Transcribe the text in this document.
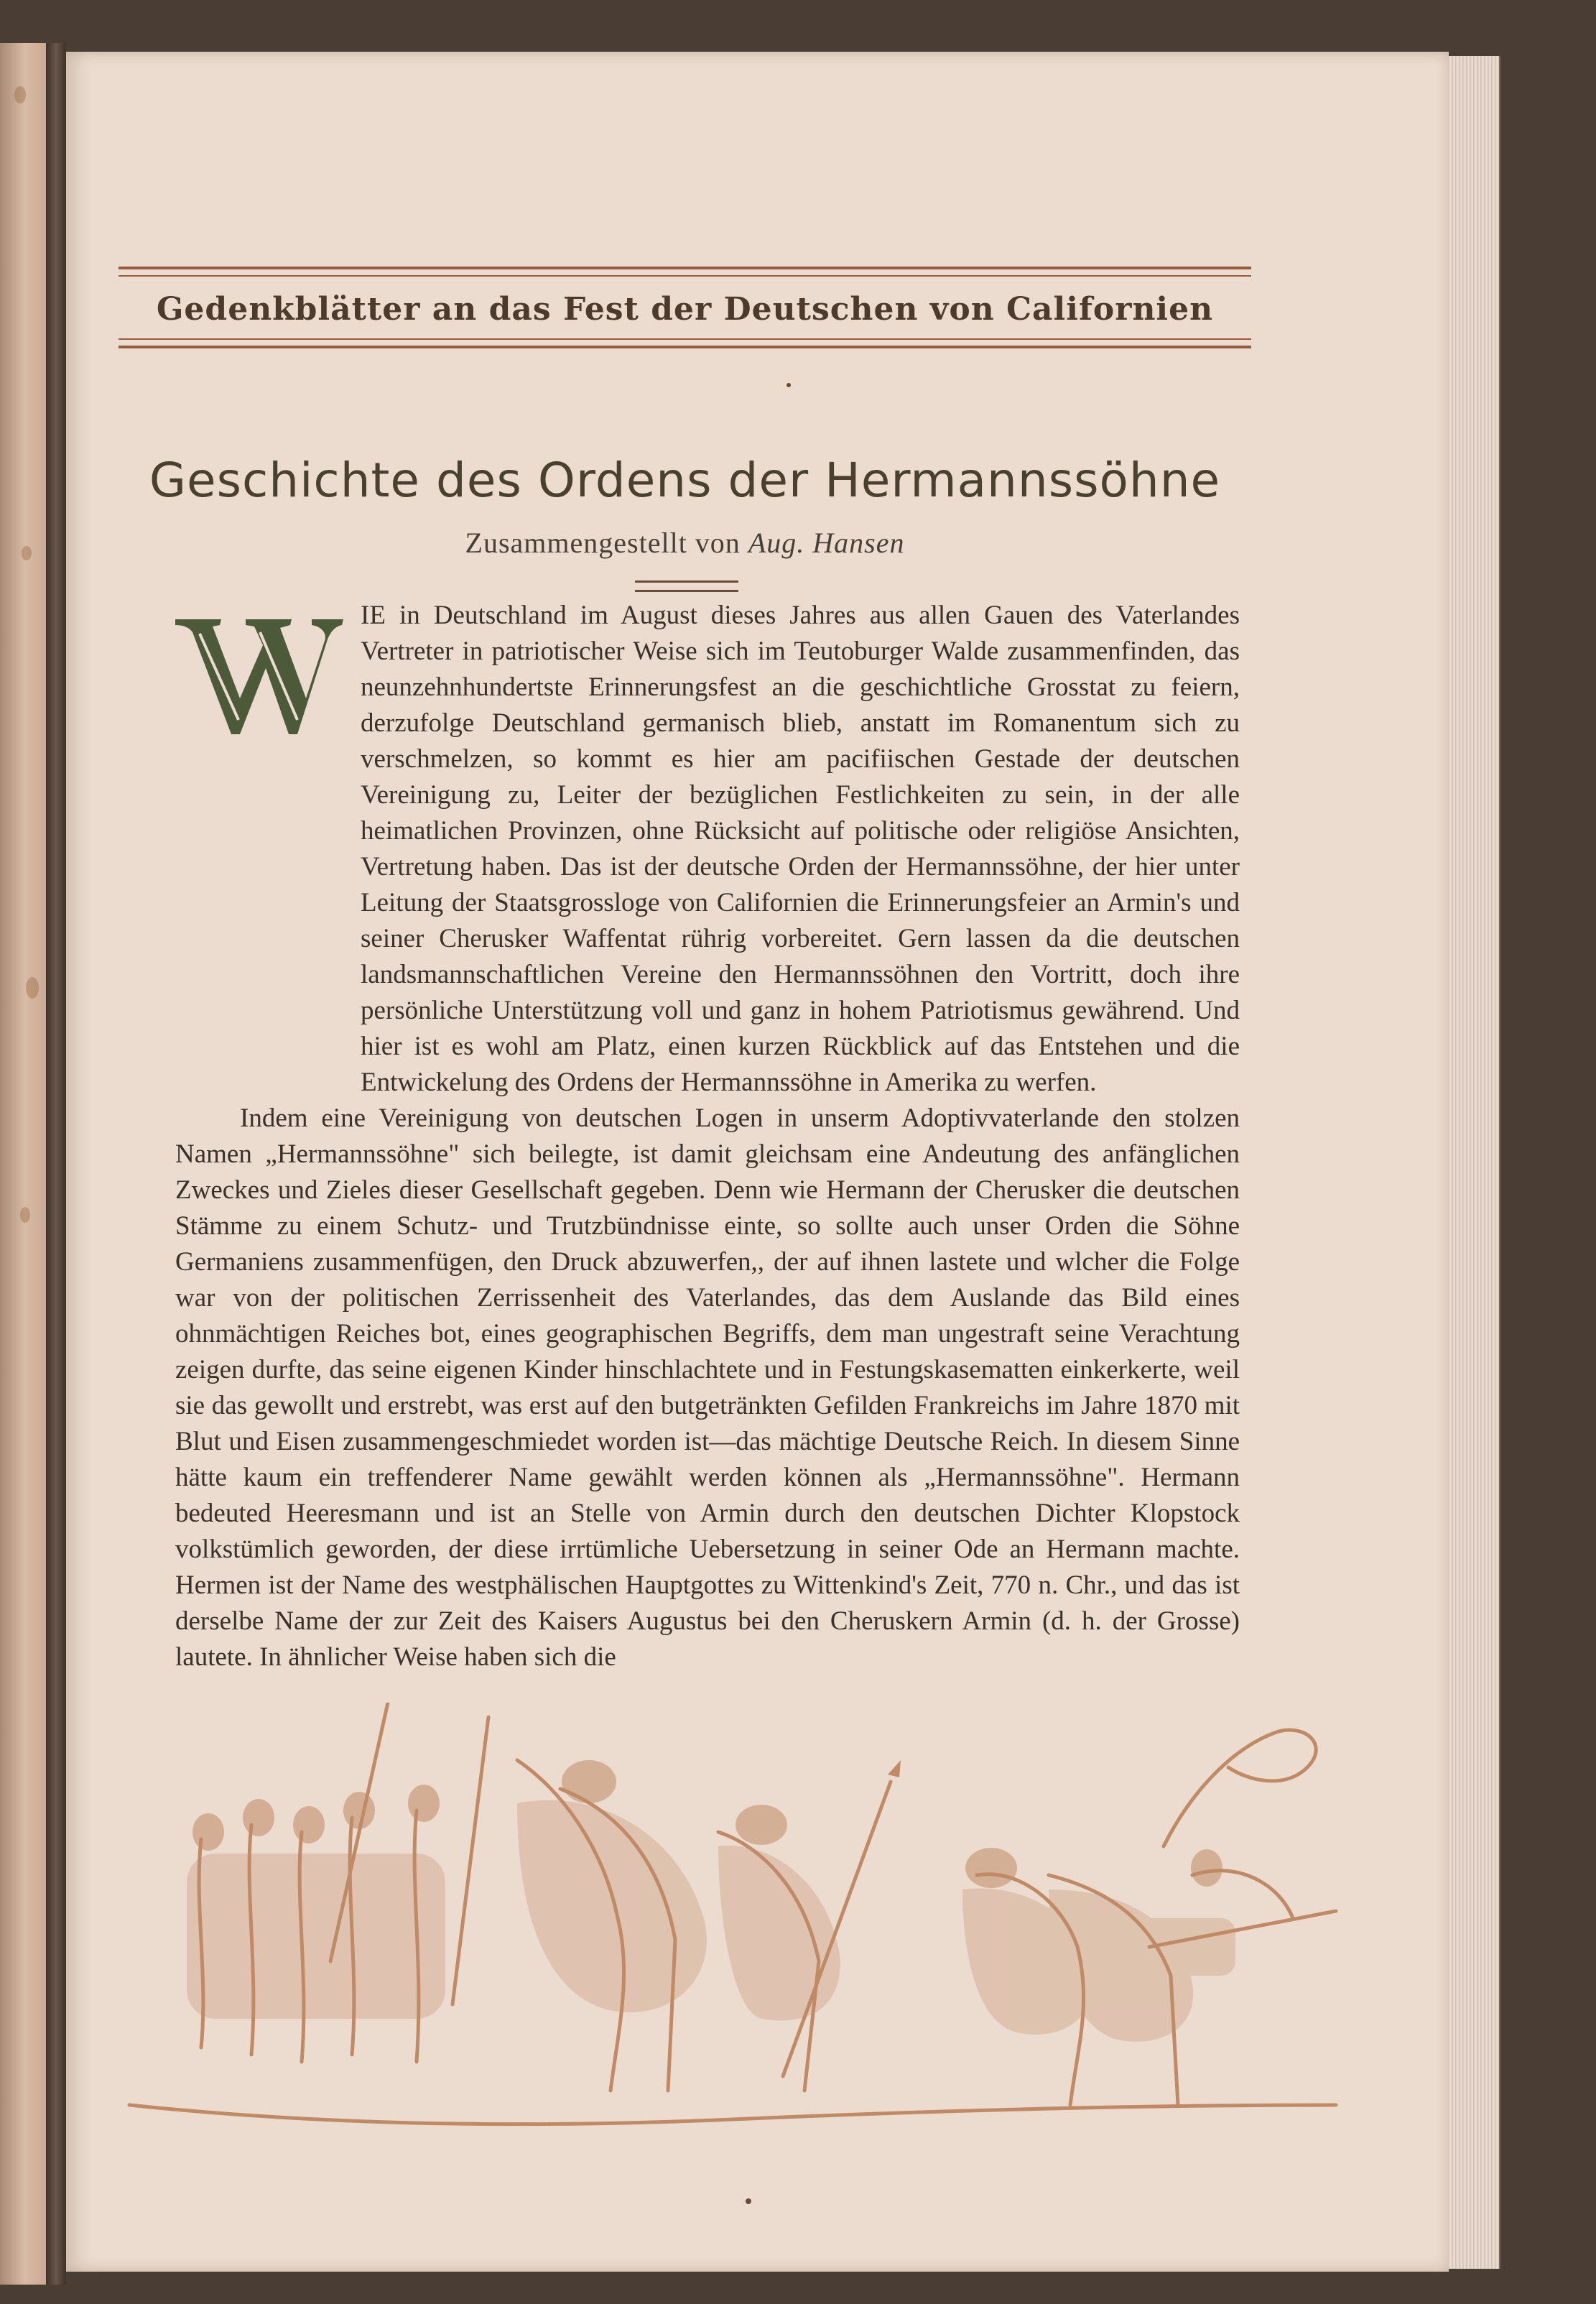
Gedenkblätter an das Fest der Deutschen von Californien
Geschichte des Ordens der Hermannssöhne
Zusammengestellt von Aug. Hansen

IE in Deutschland im August dieses Jahres aus allen Gauen des Vaterlandes Vertreter in patriotischer Weise sich im Teutoburger Walde zusammenfinden, das neunzehnhundertste Erinnerungsfest an die geschichtliche Grosstat zu feiern, derzufolge Deutschland germanisch blieb, anstatt im Romanentum sich zu verschmelzen, so kommt es hier am pacifiischen Gestade der deutschen Vereinigung zu, Leiter der bezüglichen Festlichkeiten zu sein, in der alle heimatlichen Provinzen, ohne Rücksicht auf politische oder religiöse Ansichten, Vertretung haben. Das ist der deutsche Orden der Hermannssöhne, der hier unter Leitung der Staatsgrossloge von Californien die Erinnerungsfeier an Armin's und seiner Cherusker Waffentat rührig vorbereitet. Gern lassen da die deutschen landsmannschaftlichen Vereine den Hermannssöhnen den Vortritt, doch ihre persönliche Unterstützung voll und ganz in hohem Patriotismus gewährend. Und hier ist es wohl am Platz, einen kurzen Rückblick auf das Entstehen und die Entwickelung des Ordens der Hermannssöhne in Amerika zu werfen.

Indem eine Vereinigung von deutschen Logen in unserm Adoptivvaterlande den stolzen Namen „Hermannssöhne" sich beilegte, ist damit gleichsam eine Andeutung des anfänglichen Zweckes und Zieles dieser Gesellschaft gegeben. Denn wie Hermann der Cherusker die deutschen Stämme zu einem Schutz- und Trutzbündnisse einte, so sollte auch unser Orden die Söhne Germaniens zusammenfügen, den Druck abzuwerfen,, der auf ihnen lastete und wlcher die Folge war von der politischen Zerrissenheit des Vaterlandes, das dem Auslande das Bild eines ohnmächtigen Reiches bot, eines geographischen Begriffs, dem man ungestraft seine Verachtung zeigen durfte, das seine eigenen Kinder hinschlachtete und in Festungskasematten einkerkerte, weil sie das gewollt und erstrebt, was erst auf den butgetränkten Gefilden Frankreichs im Jahre 1870 mit Blut und Eisen zusammengeschmiedet worden ist—das mächtige Deutsche Reich. In diesem Sinne hätte kaum ein treffenderer Name gewählt werden können als „Hermannssöhne". Hermann bedeuted Heeresmann und ist an Stelle von Armin durch den deutschen Dichter Klopstock volkstümlich geworden, der diese irrtümliche Uebersetzung in seiner Ode an Hermann machte. Hermen ist der Name des westphälischen Hauptgottes zu Wittenkind's Zeit, 770 n. Chr., und das ist derselbe Name der zur Zeit des Kaisers Augustus bei den Cheruskern Armin (d. h. der Grosse) lautete. In ähnlicher Weise haben sich die
